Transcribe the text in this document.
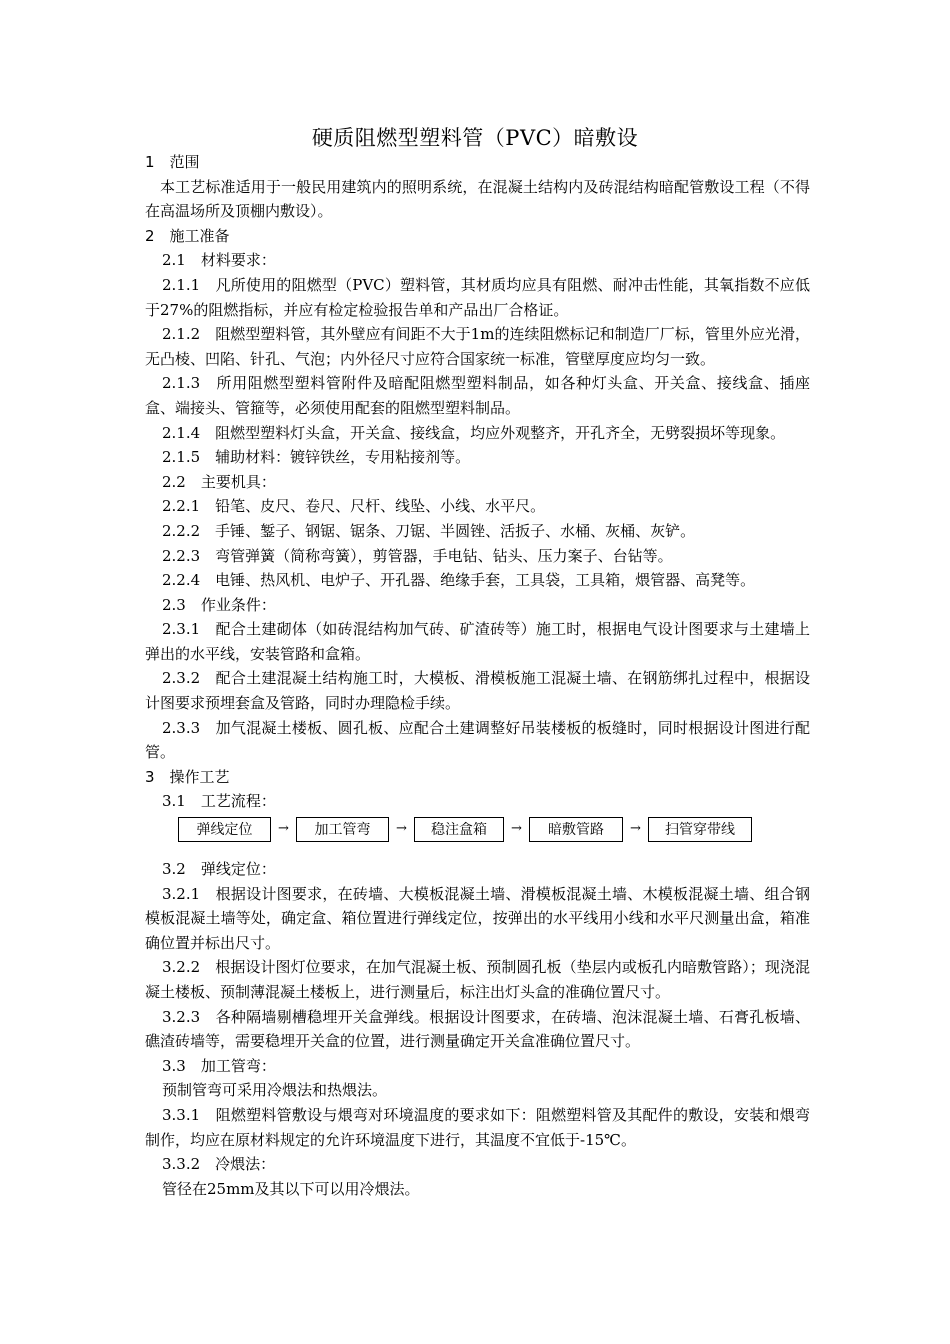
硬质阻燃型塑料管（PVC）暗敷设

1　范围

本工艺标准适用于一般民用建筑内的照明系统，在混凝土结构内及砖混结构暗配管敷设工程（不得在高温场所及顶棚内敷设）。

2　施工准备

2.1　材料要求：

2.1.1　凡所使用的阻燃型（PVC）塑料管，其材质均应具有阻燃、耐冲击性能，其氧指数不应低于27%的阻燃指标，并应有检定检验报告单和产品出厂合格证。

2.1.2　阻燃型塑料管，其外壁应有间距不大于1m的连续阻燃标记和制造厂厂标，管里外应光滑，无凸棱、凹陷、针孔、气泡；内外径尺寸应符合国家统一标准，管壁厚度应均匀一致。

2.1.3　所用阻燃型塑料管附件及暗配阻燃型塑料制品，如各种灯头盒、开关盒、接线盒、插座盒、端接头、管箍等，必须使用配套的阻燃型塑料制品。

2.1.4　阻燃型塑料灯头盒，开关盒、接线盒，均应外观整齐，开孔齐全，无劈裂损坏等现象。

2.1.5　辅助材料：镀锌铁丝，专用粘接剂等。

2.2　主要机具：

2.2.1　铅笔、皮尺、卷尺、尺杆、线坠、小线、水平尺。

2.2.2　手锤、錾子、钢锯、锯条、刀锯、半圆锉、活扳子、水桶、灰桶、灰铲。

2.2.3　弯管弹簧（简称弯簧），剪管器，手电钻、钻头、压力案子、台钻等。

2.2.4　电锤、热风机、电炉子、开孔器、绝缘手套，工具袋，工具箱，煨管器、高凳等。

2.3　作业条件：

2.3.1　配合土建砌体（如砖混结构加气砖、矿渣砖等）施工时，根据电气设计图要求与土建墙上弹出的水平线，安装管路和盒箱。

2.3.2　配合土建混凝土结构施工时，大模板、滑模板施工混凝土墙、在钢筋绑扎过程中，根据设计图要求预埋套盒及管路，同时办理隐检手续。

2.3.3　加气混凝土楼板、圆孔板、应配合土建调整好吊装楼板的板缝时，同时根据设计图进行配管。

3　操作工艺

3.1　工艺流程：

弹线定位	→	加工管弯	→	稳注盒箱	→	暗敷管路	→	扫管穿带线

3.2　弹线定位：

3.2.1　根据设计图要求，在砖墙、大模板混凝土墙、滑模板混凝土墙、木模板混凝土墙、组合钢模板混凝土墙等处，确定盒、箱位置进行弹线定位，按弹出的水平线用小线和水平尺测量出盒，箱准确位置并标出尺寸。

3.2.2　根据设计图灯位要求，在加气混凝土板、预制圆孔板（垫层内或板孔内暗敷管路）；现浇混凝土楼板、预制薄混凝土楼板上，进行测量后，标注出灯头盒的准确位置尺寸。

3.2.3　各种隔墙剔槽稳埋开关盒弹线。根据设计图要求，在砖墙、泡沫混凝土墙、石膏孔板墙、礁渣砖墙等，需要稳埋开关盒的位置，进行测量确定开关盒准确位置尺寸。

3.3　加工管弯：

预制管弯可采用冷煨法和热煨法。

3.3.1　阻燃塑料管敷设与煨弯对环境温度的要求如下：阻燃塑料管及其配件的敷设，安装和煨弯制作，均应在原材料规定的允许环境温度下进行，其温度不宜低于-15℃。

3.3.2　冷煨法：

管径在25mm及其以下可以用冷煨法。
